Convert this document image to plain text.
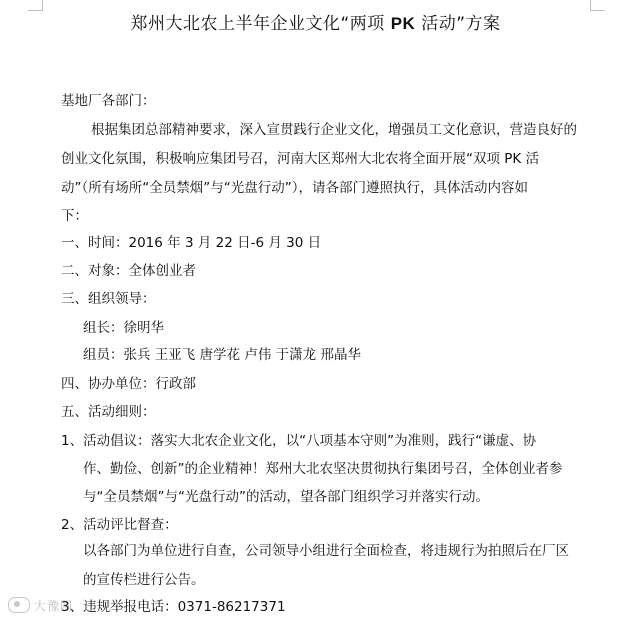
郑州大北农上半年企业文化“两项 PK 活动”方案
基地厂各部门：
根据集团总部精神要求，深入宣贯践行企业文化，增强员工文化意识，营造良好的
创业文化氛围，积极响应集团号召，河南大区郑州大北农将全面开展“双项 PK 活
动”（所有场所“全员禁烟”与“光盘行动”），请各部门遵照执行，具体活动内容如
下：
一、时间：2016 年 3 月 22 日-6 月 30 日
二、对象：全体创业者
三、组织领导：
组长：徐明华
组员：张兵 王亚飞 唐学花 卢伟 于潇龙 邢晶华
四、协办单位：行政部
五、活动细则：
1、活动倡议：落实大北农企业文化，以“八项基本守则”为准则，践行“谦虚、协
作、勤俭、创新”的企业精神！郑州大北农坚决贯彻执行集团号召，全体创业者参
与“全员禁烟”与“光盘行动”的活动，望各部门组织学习并落实行动。
2、活动评比督查：
以各部门为单位进行自查，公司领导小组进行全面检查，将违规行为拍照后在厂区
的宣传栏进行公告。
3、违规举报电话：0371-86217371
大豫网
